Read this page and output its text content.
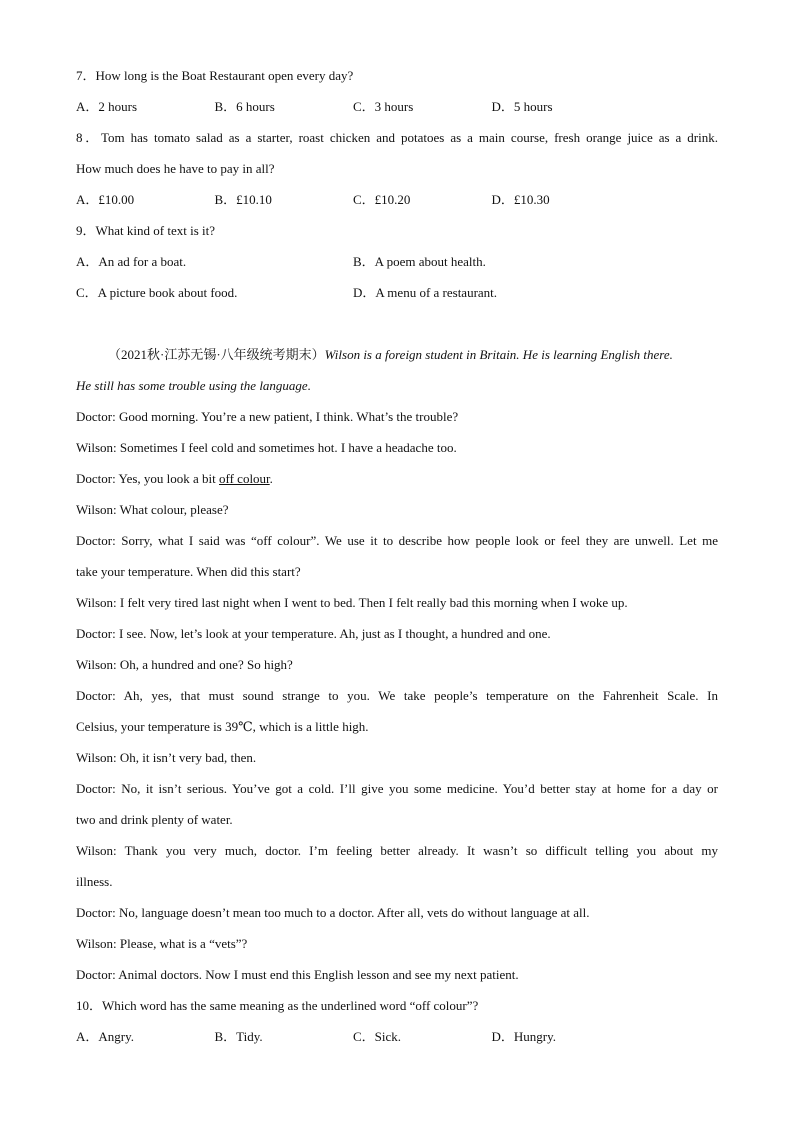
7．How long is the Boat Restaurant open every day?
A．2 hours	B．6 hours	C．3 hours	D．5 hours
8．Tom has tomato salad as a starter, roast chicken and potatoes as a main course, fresh orange juice as a drink.
How much does he have to pay in all?
A．£10.00	B．£10.10	C．£10.20	D．£10.30
9．What kind of text is it?
A．An ad for a boat.	B．A poem about health.
C．A picture book about food.	D．A menu of a restaurant.
（2021秋·江苏无锡·八年级统考期末）Wilson is a foreign student in Britain. He is learning English there.
He still has some trouble using the language.
Doctor: Good morning. You’re a new patient, I think. What’s the trouble?
Wilson: Sometimes I feel cold and sometimes hot. I have a headache too.
Doctor: Yes, you look a bit off colour.
Wilson: What colour, please?
Doctor: Sorry, what I said was “off colour”. We use it to describe how people look or feel they are unwell. Let me
take your temperature. When did this start?
Wilson: I felt very tired last night when I went to bed. Then I felt really bad this morning when I woke up.
Doctor: I see. Now, let’s look at your temperature. Ah, just as I thought, a hundred and one.
Wilson: Oh, a hundred and one? So high?
Doctor: Ah, yes, that must sound strange to you. We take people’s temperature on the Fahrenheit Scale. In
Celsius, your temperature is 39℃, which is a little high.
Wilson: Oh, it isn’t very bad, then.
Doctor: No, it isn’t serious. You’ve got a cold. I’ll give you some medicine. You’d better stay at home for a day or
two and drink plenty of water.
Wilson: Thank you very much, doctor. I’m feeling better already. It wasn’t so difficult telling you about my
illness.
Doctor: No, language doesn’t mean too much to a doctor. After all, vets do without language at all.
Wilson: Please, what is a “vets”?
Doctor: Animal doctors. Now I must end this English lesson and see my next patient.
10．Which word has the same meaning as the underlined word “off colour”?
A．Angry.	B．Tidy.	C．Sick.	D．Hungry.
